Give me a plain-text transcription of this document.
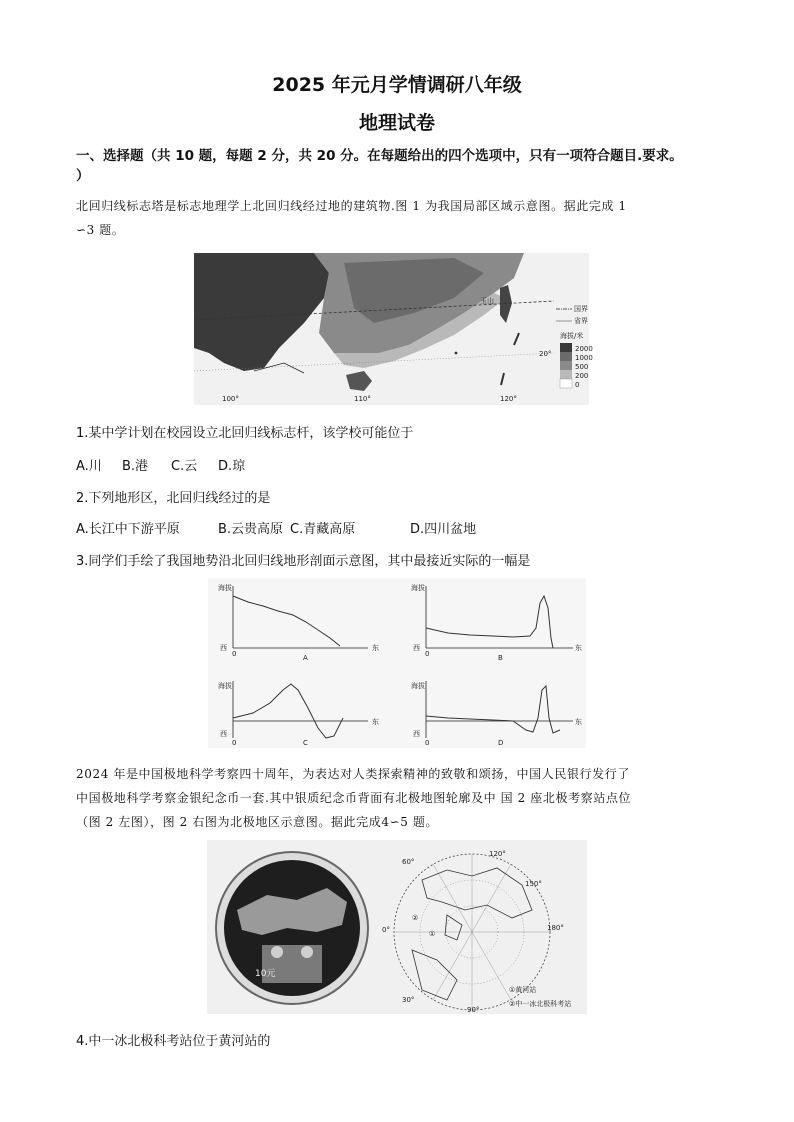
2025 年元月学情调研八年级
地理试卷
一、选择题（共 10 题，每题 2 分，共 20 分。在每题给出的四个选项中，只有一项符合题目.要求。
）
北回归线标志塔是标志地理学上北回归线经过地的建筑物.图 1 为我国局部区域示意图。据此完成 1
∽3 题。
玉山
100°	110°	120°
20°
国界
省界
海拔/米
2000
1000
500
200
0
1.某中学计划在校园设立北回归线标志杆，该学校可能位于
A.川 B.港 C.云 D.琼
2.下列地形区，北回归线经过的是
A.长江中下游平原	B.云贵高原 C.青藏高原	D.四川盆地
3.同学们手绘了我国地势沿北回归线地形剖面示意图，其中最接近实际的一幅是
海拔
西
0
东
A
海拔
西
0
东
B
海拔
西
0
东
C
海拔
西
0
东
D
2024 年是中国极地科学考察四十周年，为表达对人类探索精神的致敬和颂扬，中国人民银行发行了
中国极地科学考察金银纪念币一套.其中银质纪念币背面有北极地图轮廓及中 国 2 座北极考察站点位
（图 2 左图），图 2 右图为北极地区示意图。据此完成4∽5 题。
10元
60°
120°
150°
180°
0°
30°
90°
②
①
①黄河站
②中一冰北极科考站
4.中一冰北极科考站位于黄河站的
